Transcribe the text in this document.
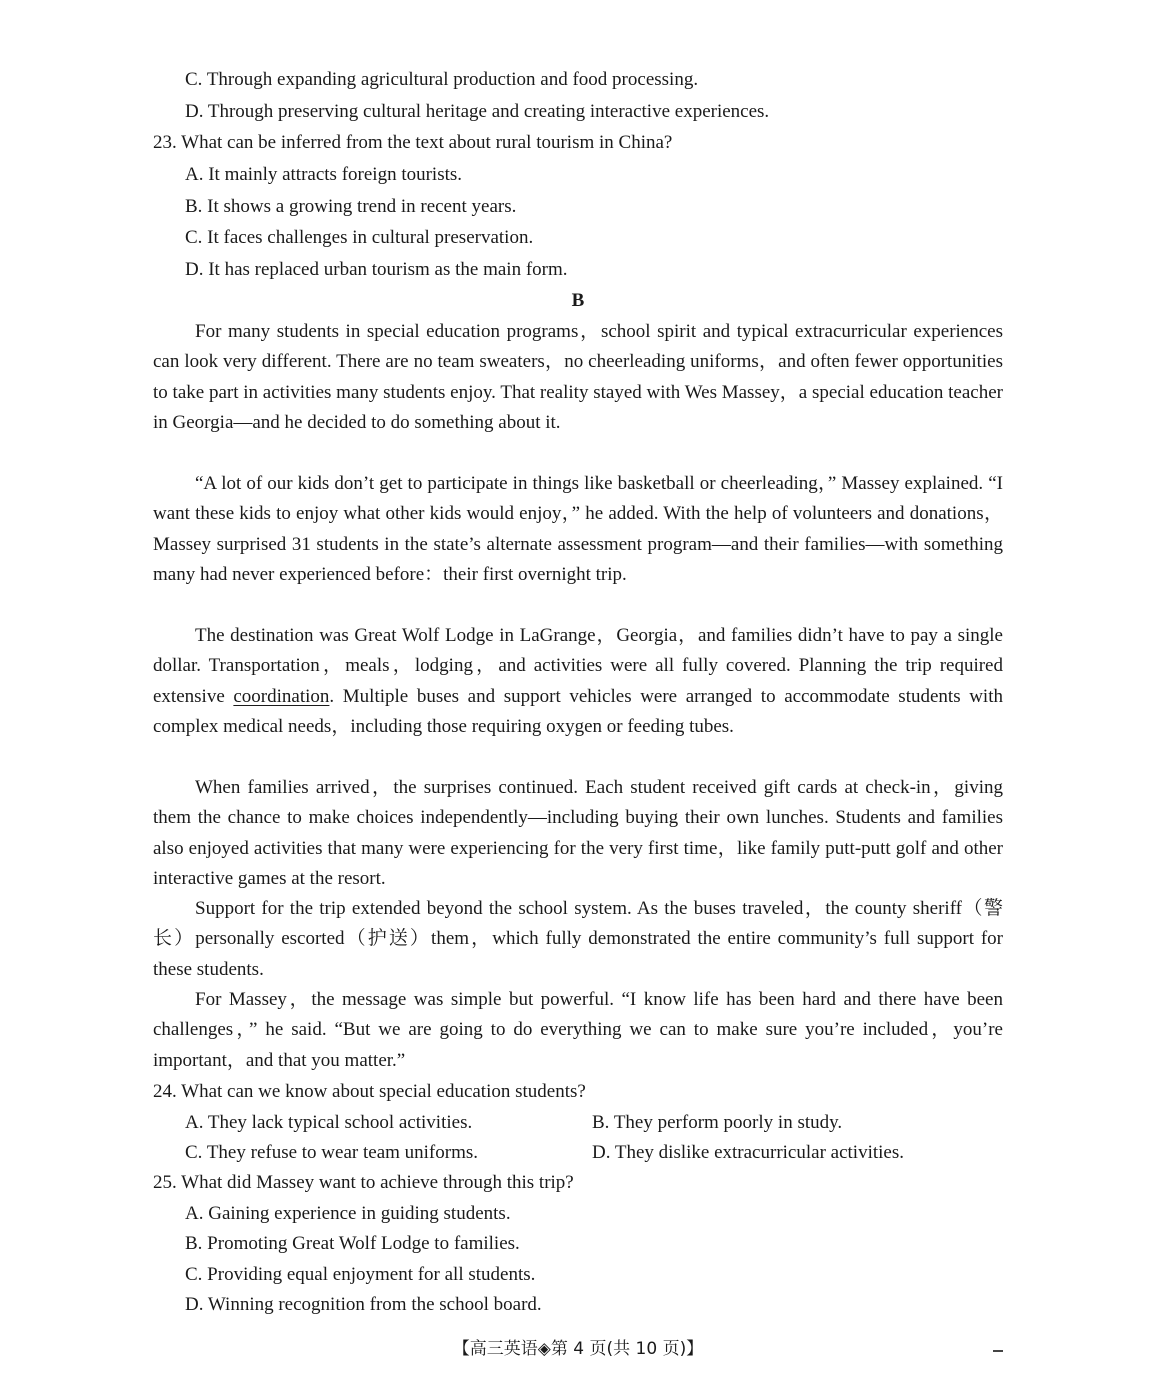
C. Through expanding agricultural production and food processing.
D. Through preserving cultural heritage and creating interactive experiences.
23. What can be inferred from the text about rural tourism in China?
A. It mainly attracts foreign tourists.
B. It shows a growing trend in recent years.
C. It faces challenges in cultural preservation.
D. It has replaced urban tourism as the main form.
B
For many students in special education programs，school spirit and typical extracurricular experiences can look very different. There are no team sweaters，no cheerleading uniforms，and often fewer opportunities to take part in activities many students enjoy. That reality stayed with Wes Massey，a special education teacher in Georgia—and he decided to do something about it.
“A lot of our kids don’t get to participate in things like basketball or cheerleading，” Massey explained. “I want these kids to enjoy what other kids would enjoy，” he added. With the help of volunteers and donations，Massey surprised 31 students in the state’s alternate assessment program—and their families—with something many had never experienced before：their first overnight trip.
The destination was Great Wolf Lodge in LaGrange，Georgia，and families didn’t have to pay a single dollar. Transportation，meals，lodging，and activities were all fully covered. Planning the trip required extensive coordination. Multiple buses and support vehicles were arranged to accommodate students with complex medical needs，including those requiring oxygen or feeding tubes.
When families arrived，the surprises continued. Each student received gift cards at check-in，giving them the chance to make choices independently—including buying their own lunches. Students and families also enjoyed activities that many were experiencing for the very first time，like family putt-putt golf and other interactive games at the resort.
Support for the trip extended beyond the school system. As the buses traveled，the county sheriff（警长）personally escorted（护送）them，which fully demonstrated the entire community’s full support for these students.
For Massey，the message was simple but powerful. “I know life has been hard and there have been challenges，” he said. “But we are going to do everything we can to make sure you’re included，you’re important，and that you matter.”
24. What can we know about special education students?
A. They lack typical school activities.	B. They perform poorly in study.
C. They refuse to wear team uniforms.	D. They dislike extracurricular activities.
25. What did Massey want to achieve through this trip?
A. Gaining experience in guiding students.
B. Promoting Great Wolf Lodge to families.
C. Providing equal enjoyment for all students.
D. Winning recognition from the school board.
【高三英语◈第 4 页(共 10 页)】
